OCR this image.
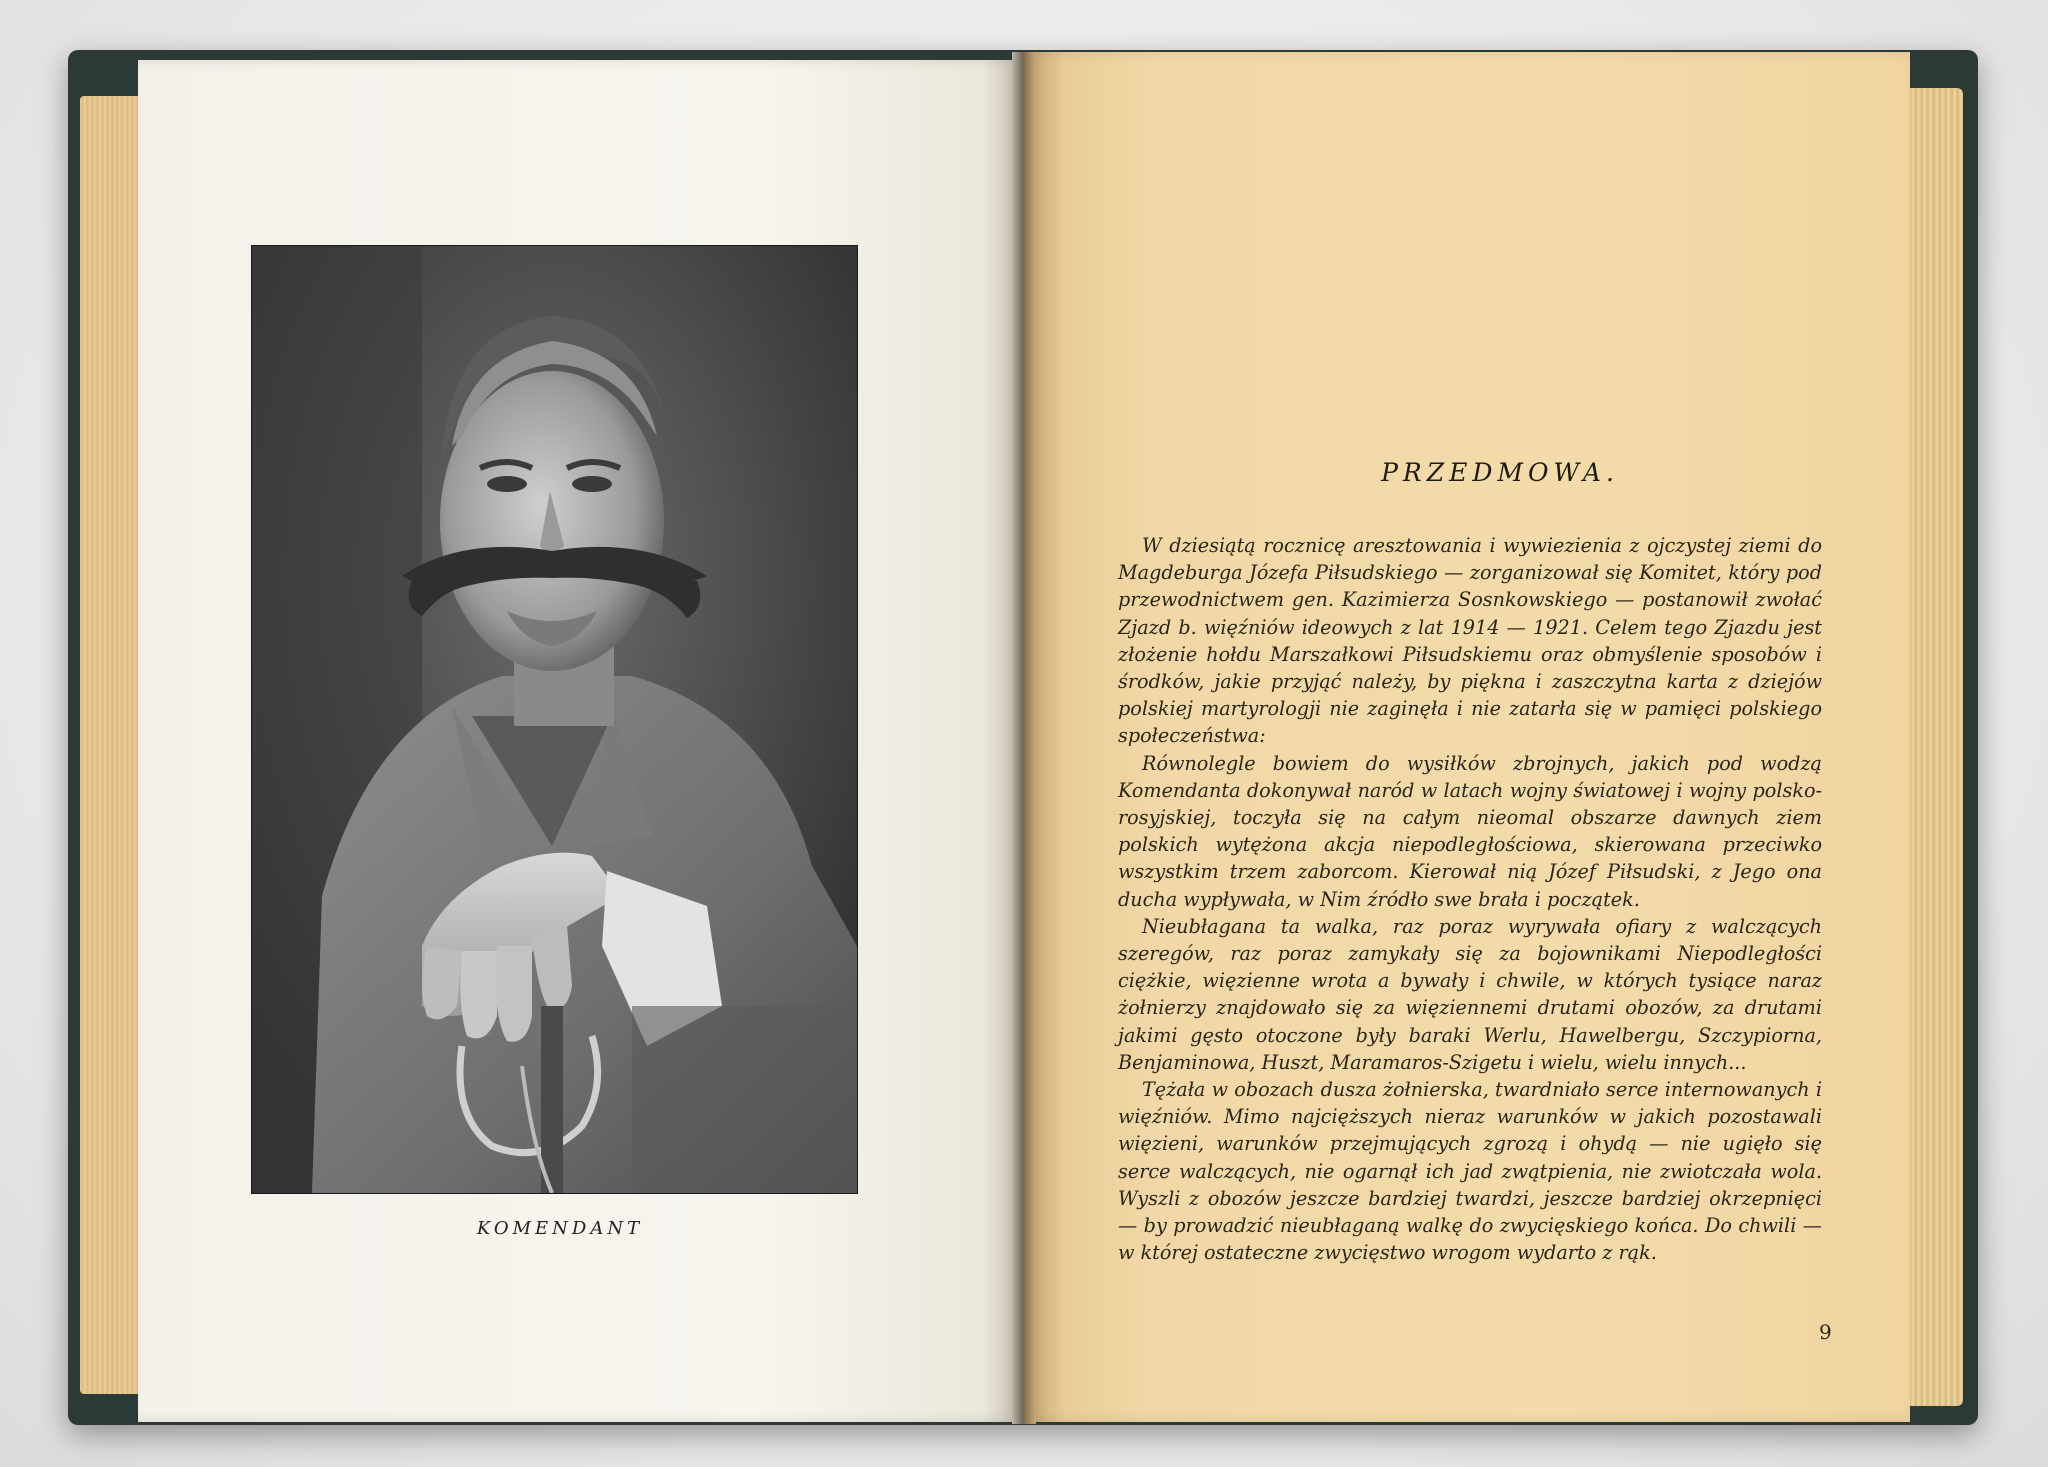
KOMENDANT
PRZEDMOWA.

W dziesiątą rocznicę aresztowania i wywiezienia z ojczystej ziemi do Magdeburga Józefa Piłsudskiego — zorganizował się Komitet, który pod przewodnictwem gen. Kazimierza Sosnkowskiego — postanowił zwołać Zjazd b. więźniów ideowych z lat 1914 — 1921. Celem tego Zjazdu jest złożenie hołdu Marszałkowi Piłsudskiemu oraz obmyślenie sposobów i środków, jakie przyjąć należy, by piękna i zaszczytna karta z dziejów polskiej martyrologji nie zaginęła i nie zatarła się w pamięci polskiego społeczeństwa:

Równolegle bowiem do wysiłków zbrojnych, jakich pod wodzą Komendanta dokonywał naród w latach wojny światowej i wojny polsko-rosyjskiej, toczyła się na całym nieomal obszarze dawnych ziem polskich wytężona akcja niepodległościowa, skierowana przeciwko wszystkim trzem zaborcom. Kierował nią Józef Piłsudski, z Jego ona ducha wypływała, w Nim źródło swe brała i początek.

Nieubłagana ta walka, raz poraz wyrywała ofiary z walczących szeregów, raz poraz zamykały się za bojownikami Niepodległości ciężkie, więzienne wrota a bywały i chwile, w których tysiące naraz żołnierzy znajdowało się za więziennemi drutami obozów, za drutami jakimi gęsto otoczone były baraki Werlu, Hawelbergu, Szczypiorna, Benjaminowa, Huszt, Maramaros-Szigetu i wielu, wielu innych...

Tężała w obozach dusza żołnierska, twardniało serce internowanych i więźniów. Mimo najcięższych nieraz warunków w jakich pozostawali więzieni, warunków przejmujących zgrozą i ohydą — nie ugięło się serce walczących, nie ogarnął ich jad zwątpienia, nie zwiotczała wola. Wyszli z obozów jeszcze bardziej twardzi, jeszcze bardziej okrzepnięci — by prowadzić nieubłaganą walkę do zwycięskiego końca. Do chwili — w której ostateczne zwycięstwo wrogom wydarto z rąk.

9
